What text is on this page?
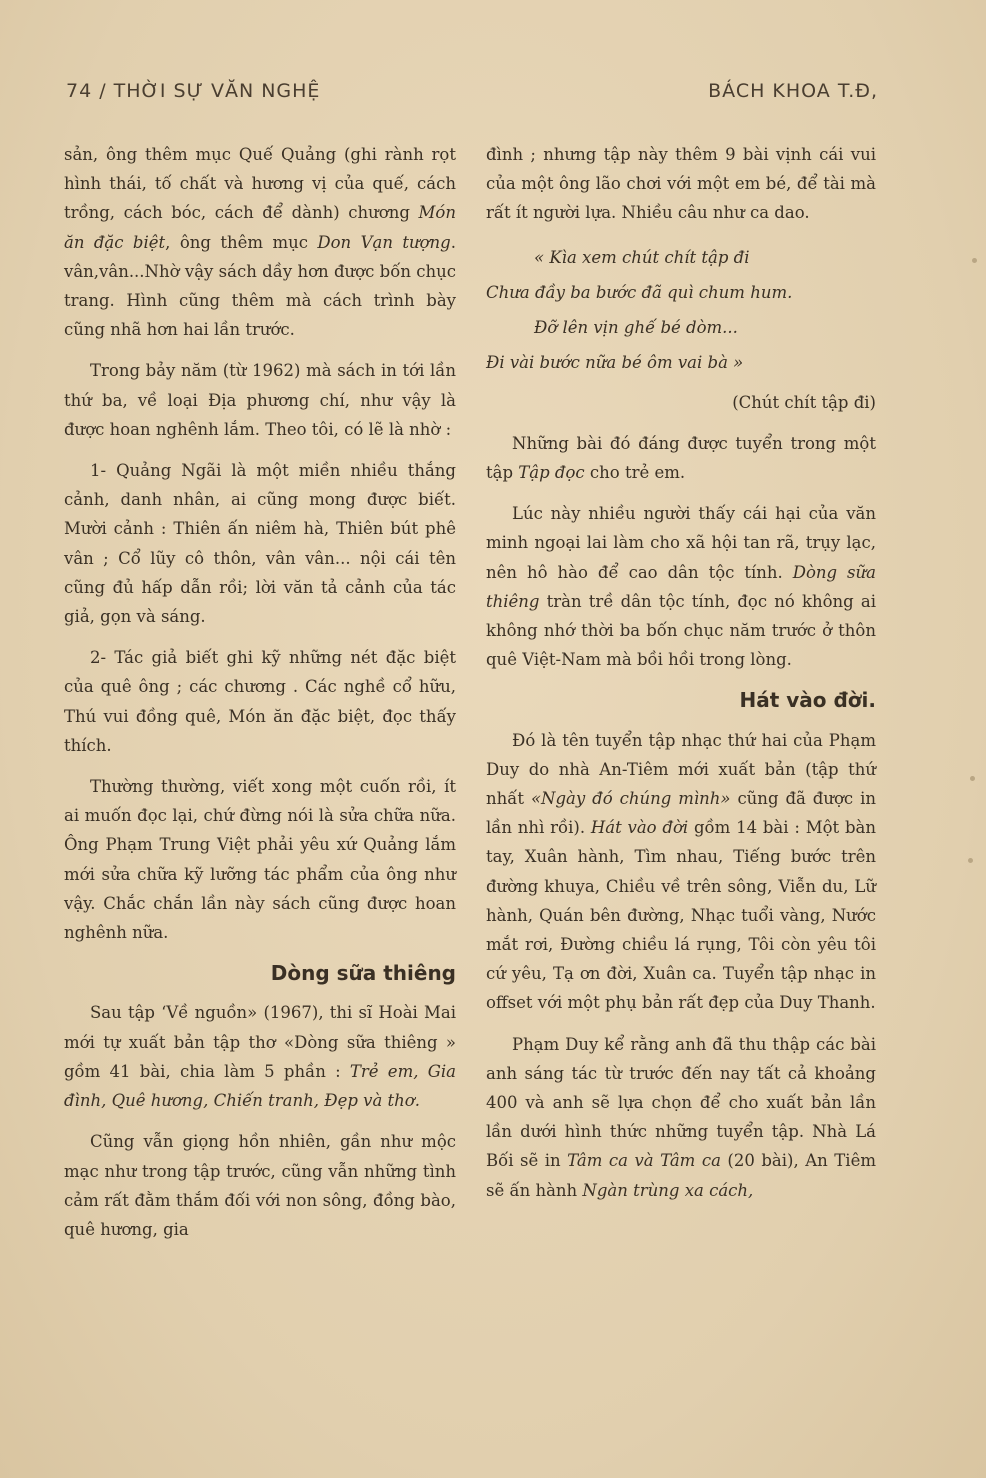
74 / THỜI SỰ VĂN NGHỆ	BÁCH KHOA T.Đ,

sản, ông thêm mục Quế Quảng (ghi rành rọt hình thái, tố chất và hương vị của quế, cách trồng, cách bóc, cách để dành) chương Món ăn đặc biệt, ông thêm mục Don Vạn tượng. vân,vân...Nhờ vậy sách dầy hơn được bốn chục trang. Hình cũng thêm mà cách trình bày cũng nhã hơn hai lần trước.

Trong bảy năm (từ 1962) mà sách in tới lần thứ ba, về loại Địa phương chí, như vậy là được hoan nghênh lắm. Theo tôi, có lẽ là nhờ :

1- Quảng Ngãi là một miền nhiều thắng cảnh, danh nhân, ai cũng mong được biết. Mười cảnh : Thiên ấn niêm hà, Thiên bút phê vân ; Cổ lũy cô thôn, vân vân... nội cái tên cũng đủ hấp dẫn rồi; lời văn tả cảnh của tác giả, gọn và sáng.

2- Tác giả biết ghi kỹ những nét đặc biệt của quê ông ; các chương . Các nghề cổ hữu, Thú vui đồng quê, Món ăn đặc biệt, đọc thấy thích.

Thường thường, viết xong một cuốn rồi, ít ai muốn đọc lại, chứ đừng nói là sửa chữa nữa. Ông Phạm Trung Việt phải yêu xứ Quảng lắm mới sửa chữa kỹ lưỡng tác phẩm của ông như vậy. Chắc chắn lần này sách cũng được hoan nghênh nữa.

Dòng sữa thiêng

Sau tập ‘Về nguồn» (1967), thi sĩ Hoài Mai mới tự xuất bản tập thơ «Dòng sữa thiêng » gồm 41 bài, chia làm 5 phần : Trẻ em, Gia đình, Quê hương, Chiến tranh, Đẹp và thơ.

Cũng vẫn giọng hồn nhiên, gần như mộc mạc như trong tập trước, cũng vẫn những tình cảm rất đằm thắm đối với non sông, đồng bào, quê hương, gia

đình ; nhưng tập này thêm 9 bài vịnh cái vui của một ông lão chơi với một em bé, để tài mà rất ít người lựa. Nhiều câu như ca dao.

« Kìa xem chút chít tập đi
Chưa đầy ba bước đã quì chum hum.
Đỡ lên vịn ghế bé dòm...
Đi vài bước nữa bé ôm vai bà »

(Chút chít tập đi)

Những bài đó đáng được tuyển trong một tập Tập đọc cho trẻ em.

Lúc này nhiều người thấy cái hại của văn minh ngoại lai làm cho xã hội tan rã, trụy lạc, nên hô hào để cao dân tộc tính. Dòng sữa thiêng tràn trề dân tộc tính, đọc nó không ai không nhớ thời ba bốn chục năm trước ở thôn quê Việt-Nam mà bồi hồi trong lòng.

Hát vào đời.

Đó là tên tuyển tập nhạc thứ hai của Phạm Duy do nhà An-Tiêm mới xuất bản (tập thứ nhất «Ngày đó chúng mình» cũng đã được in lần nhì rồi). Hát vào đời gồm 14 bài : Một bàn tay, Xuân hành, Tìm nhau, Tiếng bước trên đường khuya, Chiều về trên sông, Viễn du, Lữ hành, Quán bên đường, Nhạc tuổi vàng, Nước mắt rơi, Đường chiều lá rụng, Tôi còn yêu tôi cứ yêu, Tạ ơn đời, Xuân ca. Tuyển tập nhạc in offset với một phụ bản rất đẹp của Duy Thanh.

Phạm Duy kể rằng anh đã thu thập các bài anh sáng tác từ trước đến nay tất cả khoảng 400 và anh sẽ lựa chọn để cho xuất bản lần lần dưới hình thức những tuyển tập. Nhà Lá Bối sẽ in Tâm ca và Tâm ca (20 bài), An Tiêm sẽ ấn hành Ngàn trùng xa cách,
